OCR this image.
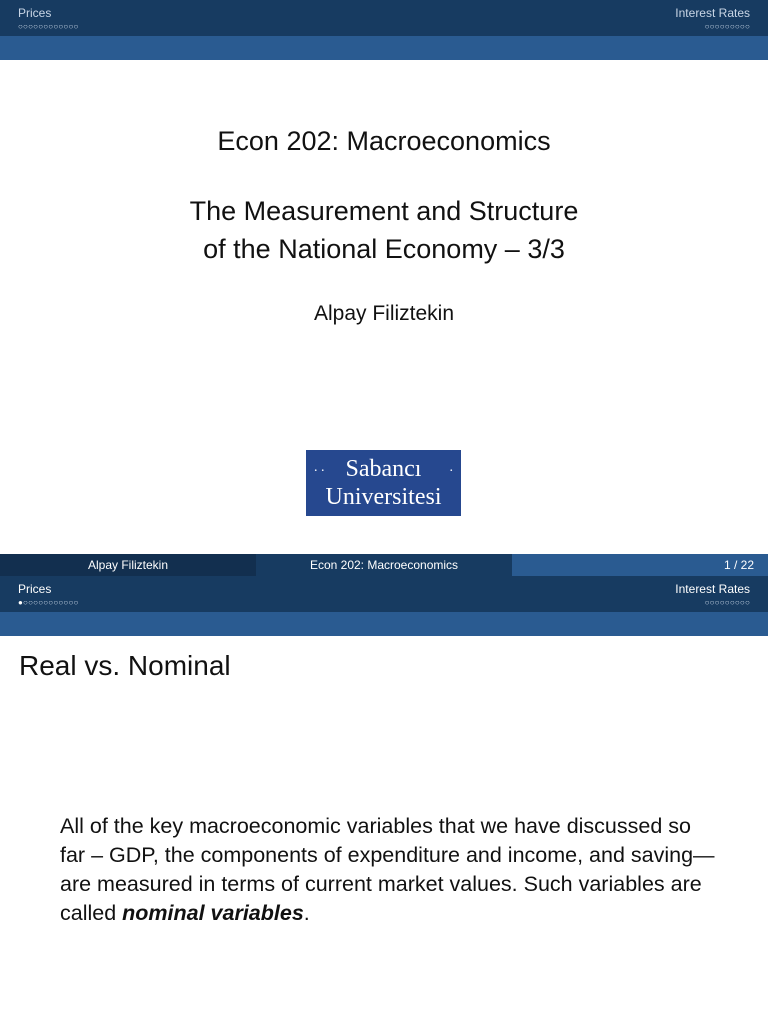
Prices
○○○○○○○○○○○○
Interest Rates
○○○○○○○○○
Econ 202: Macroeconomics
The Measurement and Structure
of the National Economy – 3/3
Alpay Filiztekin
. . Sabancı	.
Universitesi
Alpay Filiztekin	Econ 202: Macroeconomics	1 / 22
Prices
●○○○○○○○○○○○
Interest Rates
○○○○○○○○○
Real vs. Nominal
All of the key macroeconomic variables that we have discussed so far – GDP, the components of expenditure and income, and saving—are measured in terms of current market values. Such variables are called nominal variables.
